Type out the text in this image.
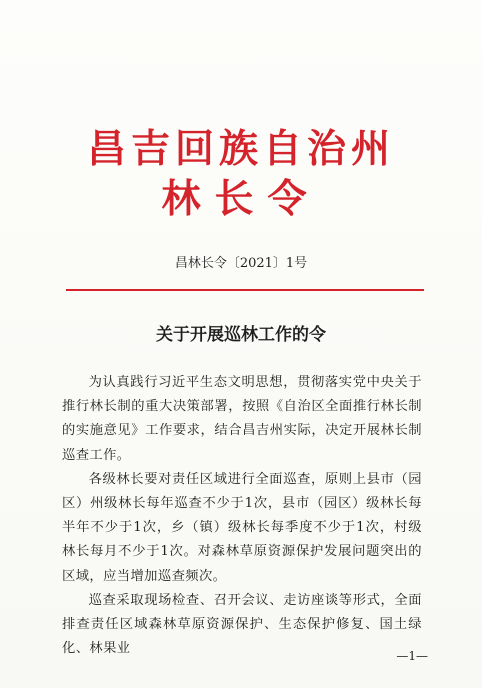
昌吉回族自治州
林长令
昌林长令〔2021〕1号
关于开展巡林工作的令

为认真践行习近平生态文明思想，贯彻落实党中央关于推行林长制的重大决策部署，按照《自治区全面推行林长制的实施意见》工作要求，结合昌吉州实际，决定开展林长制巡查工作。

各级林长要对责任区域进行全面巡查，原则上县市（园区）州级林长每年巡查不少于1次，县市（园区）级林长每半年不少于1次，乡（镇）级林长每季度不少于1次，村级林长每月不少于1次。对森林草原资源保护发展问题突出的区域，应当增加巡查频次。

巡查采取现场检查、召开会议、走访座谈等形式，全面排查责任区域森林草原资源保护、生态保护修复、国土绿化、林果业	—1—
